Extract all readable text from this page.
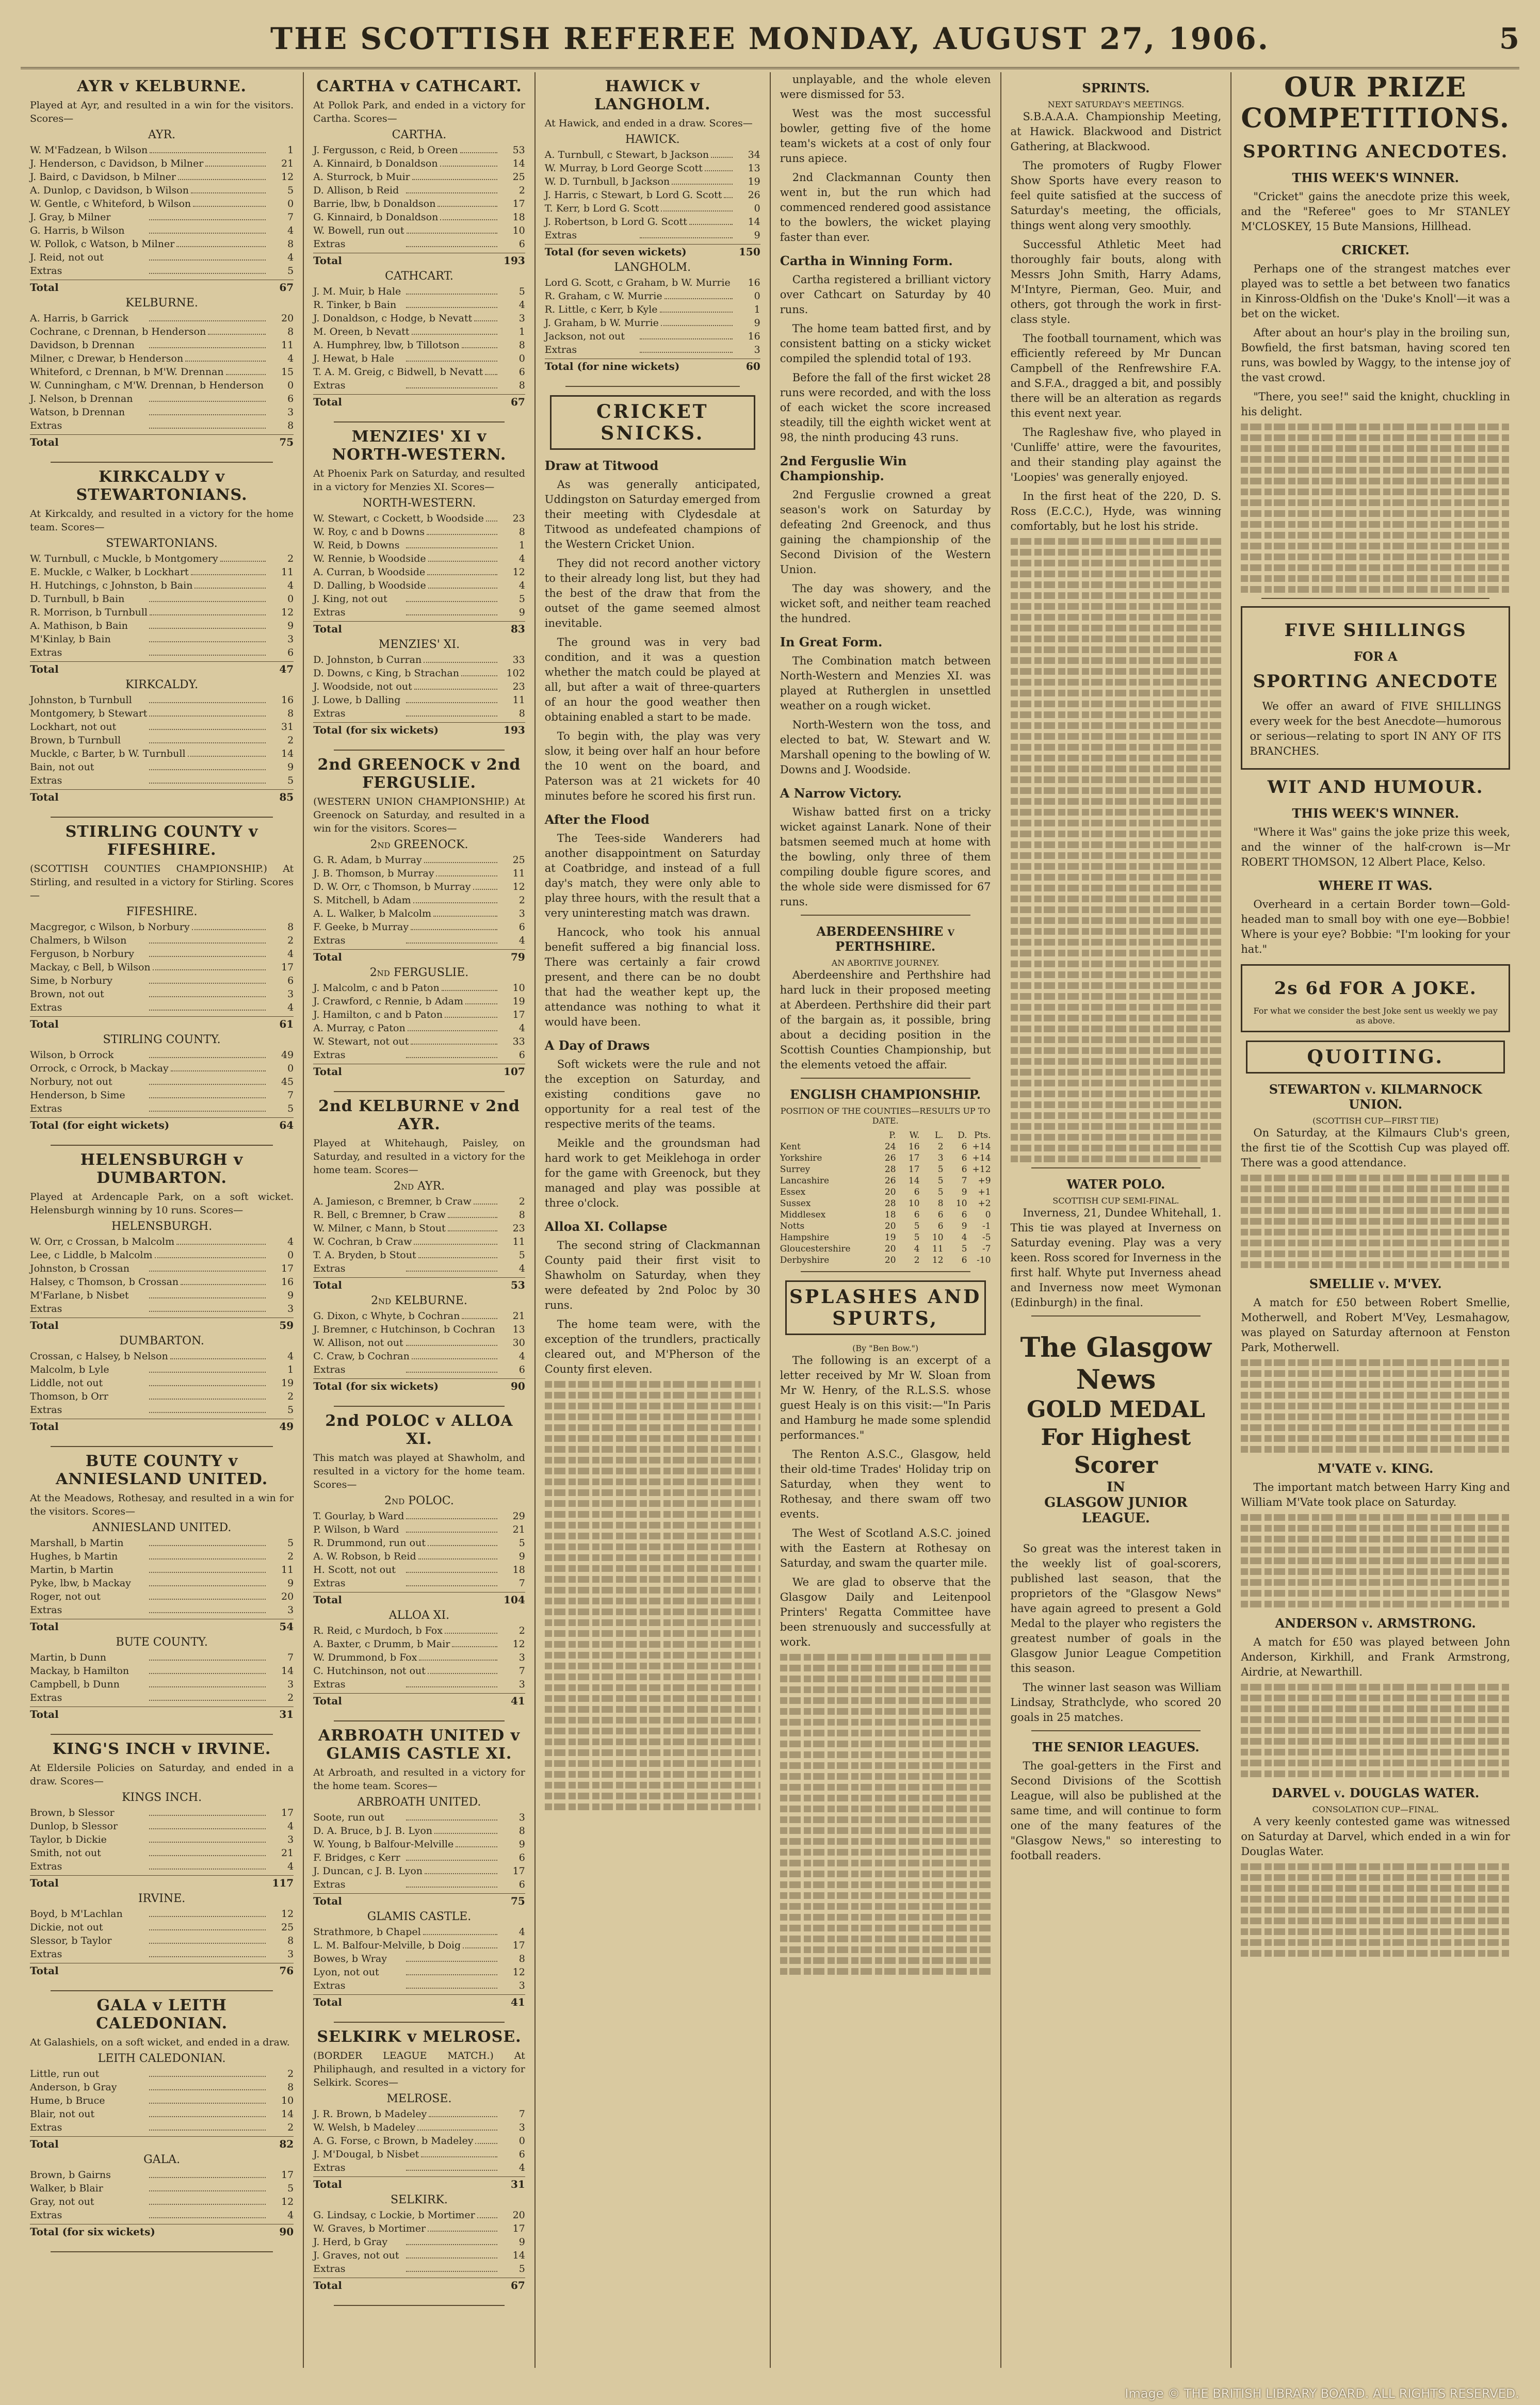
THE SCOTTISH REFEREE MONDAY, AUGUST 27, 1906.	5
AYR v KELBURNE.
Played at Ayr, and resulted in a win for the visitors. Scores—
AYR.
W. M'Fadzean, b Wilson	1
J. Henderson, c Davidson, b Milner	21
J. Baird, c Davidson, b Milner	12
A. Dunlop, c Davidson, b Wilson	5
W. Gentle, c Whiteford, b Wilson	0
J. Gray, b Milner	7
G. Harris, b Wilson	4
W. Pollok, c Watson, b Milner	8
J. Reid, not out	4
Extras	5
Total	67
KELBURNE.
A. Harris, b Garrick	20
Cochrane, c Drennan, b Henderson	8
Davidson, b Drennan	11
Milner, c Drewar, b Henderson	4
Whiteford, c Drennan, b M'W. Drennan	15
W. Cunningham, c M'W. Drennan, b Henderson	0
J. Nelson, b Drennan	6
Watson, b Drennan	3
Extras	8
Total	75
KIRKCALDY v STEWARTONIANS.
At Kirkcaldy, and resulted in a victory for the home team. Scores—
STEWARTONIANS.
W. Turnbull, c Muckle, b Montgomery	2
E. Muckle, c Walker, b Lockhart	11
H. Hutchings, c Johnston, b Bain	4
D. Turnbull, b Bain	0
R. Morrison, b Turnbull	12
A. Mathison, b Bain	9
M'Kinlay, b Bain	3
Extras	6
Total	47
KIRKCALDY.
Johnston, b Turnbull	16
Montgomery, b Stewart	8
Lockhart, not out	31
Brown, b Turnbull	2
Muckle, c Barter, b W. Turnbull	14
Bain, not out	9
Extras	5
Total	85
STIRLING COUNTY v FIFESHIRE.
(SCOTTISH COUNTIES CHAMPIONSHIP.) At Stirling, and resulted in a victory for Stirling. Scores—
FIFESHIRE.
Macgregor, c Wilson, b Norbury	8
Chalmers, b Wilson	2
Ferguson, b Norbury	4
Mackay, c Bell, b Wilson	17
Sime, b Norbury	6
Brown, not out	3
Extras	4
Total	61
STIRLING COUNTY.
Wilson, b Orrock	49
Orrock, c Orrock, b Mackay	0
Norbury, not out	45
Henderson, b Sime	7
Extras	5
Total (for eight wickets)	64
HELENSBURGH v DUMBARTON.
Played at Ardencaple Park, on a soft wicket. Helensburgh winning by 10 runs. Scores—
HELENSBURGH.
W. Orr, c Crossan, b Malcolm	4
Lee, c Liddle, b Malcolm	0
Johnston, b Crossan	17
Halsey, c Thomson, b Crossan	16
M'Farlane, b Nisbet	9
Extras	3
Total	59
DUMBARTON.
Crossan, c Halsey, b Nelson	4
Malcolm, b Lyle	1
Liddle, not out	19
Thomson, b Orr	2
Extras	5
Total	49
BUTE COUNTY v ANNIESLAND UNITED.
At the Meadows, Rothesay, and resulted in a win for the visitors. Scores—
ANNIESLAND UNITED.
Marshall, b Martin	5
Hughes, b Martin	2
Martin, b Martin	11
Pyke, lbw, b Mackay	9
Roger, not out	20
Extras	3
Total	54
BUTE COUNTY.
Martin, b Dunn	7
Mackay, b Hamilton	14
Campbell, b Dunn	3
Extras	2
Total	31
KING'S INCH v IRVINE.
At Eldersile Policies on Saturday, and ended in a draw. Scores—
KINGS INCH.
Brown, b Slessor	17
Dunlop, b Slessor	4
Taylor, b Dickie	3
Smith, not out	21
Extras	4
Total	117
IRVINE.
Boyd, b M'Lachlan	12
Dickie, not out	25
Slessor, b Taylor	8
Extras	3
Total	76
GALA v LEITH CALEDONIAN.
At Galashiels, on a soft wicket, and ended in a draw.
LEITH CALEDONIAN.
Little, run out	2
Anderson, b Gray	8
Hume, b Bruce	10
Blair, not out	14
Extras	2
Total	82
GALA.
Brown, b Gairns	17
Walker, b Blair	5
Gray, not out	12
Extras	4
Total (for six wickets)	90
CARTHA v CATHCART.
At Pollok Park, and ended in a victory for Cartha. Scores—
CARTHA.
J. Fergusson, c Reid, b Oreen	53
A. Kinnaird, b Donaldson	14
A. Sturrock, b Muir	25
D. Allison, b Reid	2
Barrie, lbw, b Donaldson	17
G. Kinnaird, b Donaldson	18
W. Bowell, run out	10
Extras	6
Total	193
CATHCART.
J. M. Muir, b Hale	5
R. Tinker, b Bain	4
J. Donaldson, c Hodge, b Nevatt	3
M. Oreen, b Nevatt	1
A. Humphrey, lbw, b Tillotson	8
J. Hewat, b Hale	0
T. A. M. Greig, c Bidwell, b Nevatt	6
Extras	8
Total	67
MENZIES' XI v NORTH-WESTERN.
At Phoenix Park on Saturday, and resulted in a victory for Menzies XI. Scores—
NORTH-WESTERN.
W. Stewart, c Cockett, b Woodside	23
W. Roy, c and b Downs	8
W. Reid, b Downs	1
W. Rennie, b Woodside	4
A. Curran, b Woodside	12
D. Dalling, b Woodside	4
J. King, not out	5
Extras	9
Total	83
MENZIES' XI.
D. Johnston, b Curran	33
D. Downs, c King, b Strachan	102
J. Woodside, not out	23
J. Lowe, b Dalling	11
Extras	8
Total (for six wickets)	193
2nd GREENOCK v 2nd FERGUSLIE.
(WESTERN UNION CHAMPIONSHIP.) At Greenock on Saturday, and resulted in a win for the visitors. Scores—
2nd GREENOCK.
G. R. Adam, b Murray	25
J. B. Thomson, b Murray	11
D. W. Orr, c Thomson, b Murray	12
S. Mitchell, b Adam	2
A. L. Walker, b Malcolm	3
F. Geeke, b Murray	6
Extras	4
Total	79
2nd FERGUSLIE.
J. Malcolm, c and b Paton	10
J. Crawford, c Rennie, b Adam	19
J. Hamilton, c and b Paton	17
A. Murray, c Paton	4
W. Stewart, not out	33
Extras	6
Total	107
2nd KELBURNE v 2nd AYR.
Played at Whitehaugh, Paisley, on Saturday, and resulted in a victory for the home team. Scores—
2nd AYR.
A. Jamieson, c Bremner, b Craw	2
R. Bell, c Bremner, b Craw	8
W. Milner, c Mann, b Stout	23
W. Cochran, b Craw	11
T. A. Bryden, b Stout	5
Extras	4
Total	53
2nd KELBURNE.
G. Dixon, c Whyte, b Cochran	21
J. Bremner, c Hutchinson, b Cochran	13
W. Allison, not out	30
C. Craw, b Cochran	4
Extras	6
Total (for six wickets)	90
2nd POLOC v ALLOA XI.
This match was played at Shawholm, and resulted in a victory for the home team. Scores—
2nd POLOC.
T. Gourlay, b Ward	29
P. Wilson, b Ward	21
R. Drummond, run out	5
A. W. Robson, b Reid	9
H. Scott, not out	18
Extras	7
Total	104
ALLOA XI.
R. Reid, c Murdoch, b Fox	2
A. Baxter, c Drumm, b Mair	12
W. Drummond, b Fox	3
C. Hutchinson, not out	7
Extras	3
Total	41
ARBROATH UNITED v GLAMIS CASTLE XI.
At Arbroath, and resulted in a victory for the home team. Scores—
ARBROATH UNITED.
Soote, run out	3
D. A. Bruce, b J. B. Lyon	8
W. Young, b Balfour-Melville	9
F. Bridges, c Kerr	6
J. Duncan, c J. B. Lyon	17
Extras	6
Total	75
GLAMIS CASTLE.
Strathmore, b Chapel	4
L. M. Balfour-Melville, b Doig	17
Bowes, b Wray	8
Lyon, not out	12
Extras	3
Total	41
SELKIRK v MELROSE.
(BORDER LEAGUE MATCH.) At Philiphaugh, and resulted in a victory for Selkirk. Scores—
MELROSE.
J. R. Brown, b Madeley	7
W. Welsh, b Madeley	3
A. G. Forse, c Brown, b Madeley	0
J. M'Dougal, b Nisbet	6
Extras	4
Total	31
SELKIRK.
G. Lindsay, c Lockie, b Mortimer	20
W. Graves, b Mortimer	17
J. Herd, b Gray	9
J. Graves, not out	14
Extras	5
Total	67
HAWICK v LANGHOLM.
At Hawick, and ended in a draw. Scores—
HAWICK.
A. Turnbull, c Stewart, b Jackson	34
W. Murray, b Lord George Scott	13
W. D. Turnbull, b Jackson	19
J. Harris, c Stewart, b Lord G. Scott	26
T. Kerr, b Lord G. Scott	0
J. Robertson, b Lord G. Scott	14
Extras	9
Total (for seven wickets)	150
LANGHOLM.
Lord G. Scott, c Graham, b W. Murrie	16
R. Graham, c W. Murrie	0
R. Little, c Kerr, b Kyle	1
J. Graham, b W. Murrie	9
Jackson, not out	16
Extras	3
Total (for nine wickets)	60
CRICKET SNICKS.
Draw at Titwood

As was generally anticipated, Uddingston on Saturday emerged from their meeting with Clydesdale at Titwood as undefeated champions of the Western Cricket Union.

They did not record another victory to their already long list, but they had the best of the draw that from the outset of the game seemed almost inevitable.

The ground was in very bad condition, and it was a question whether the match could be played at all, but after a wait of three-quarters of an hour the good weather then obtaining enabled a start to be made.

To begin with, the play was very slow, it being over half an hour before the 10 went on the board, and Paterson was at 21 wickets for 40 minutes before he scored his first run.

After the Flood

The Tees-side Wanderers had another disappointment on Saturday at Coatbridge, and instead of a full day's match, they were only able to play three hours, with the result that a very uninteresting match was drawn.

Hancock, who took his annual benefit suffered a big financial loss. There was certainly a fair crowd present, and there can be no doubt that had the weather kept up, the attendance was nothing to what it would have been.

A Day of Draws

Soft wickets were the rule and not the exception on Saturday, and existing conditions gave no opportunity for a real test of the respective merits of the teams.

Meikle and the groundsman had hard work to get Meiklehoga in order for the game with Greenock, but they managed and play was possible at three o'clock.

Alloa XI. Collapse

The second string of Clackmannan County paid their first visit to Shawholm on Saturday, when they were defeated by 2nd Poloc by 30 runs.

The home team were, with the exception of the trundlers, practically cleared out, and M'Pherson of the County first eleven.

unplayable, and the whole eleven were dismissed for 53.

West was the most successful bowler, getting five of the home team's wickets at a cost of only four runs apiece.

2nd Clackmannan County then went in, but the run which had commenced rendered good assistance to the bowlers, the wicket playing faster than ever.

Cartha in Winning Form.

Cartha registered a brilliant victory over Cathcart on Saturday by 40 runs.

The home team batted first, and by consistent batting on a sticky wicket compiled the splendid total of 193.

Before the fall of the first wicket 28 runs were recorded, and with the loss of each wicket the score increased steadily, till the eighth wicket went at 98, the ninth producing 43 runs.

2nd Ferguslie Win Championship.

2nd Ferguslie crowned a great season's work on Saturday by defeating 2nd Greenock, and thus gaining the championship of the Second Division of the Western Union.

The day was showery, and the wicket soft, and neither team reached the hundred.

In Great Form.

The Combination match between North-Western and Menzies XI. was played at Rutherglen in unsettled weather on a rough wicket.

North-Western won the toss, and elected to bat, W. Stewart and W. Marshall opening to the bowling of W. Downs and J. Woodside.

A Narrow Victory.

Wishaw batted first on a tricky wicket against Lanark. None of their batsmen seemed much at home with the bowling, only three of them compiling double figure scores, and the whole side were dismissed for 67 runs.

ABERDEENSHIRE v PERTHSHIRE.
AN ABORTIVE JOURNEY.

Aberdeenshire and Perthshire had hard luck in their proposed meeting at Aberdeen. Perthshire did their part of the bargain as, it possible, bring about a deciding position in the Scottish Counties Championship, but the elements vetoed the affair.

ENGLISH CHAMPIONSHIP.
POSITION OF THE COUNTIES—RESULTS UP TO DATE.
P.	W.	L.	D. Pts.
Kent	24	16	2	6 +14
Yorkshire	26	17	3	6 +14
Surrey	28	17	5	6 +12
Lancashire	26	14	5	7	+9
Essex	20	6	5	9	+1
Sussex	28	10	8	10	+2
Middlesex	18	6	6	6	0
Notts	20	5	6	9	-1
Hampshire	19	5	10	4	-5
Gloucestershire	20	4	11	5	-7
Derbyshire	20	2	12	6	-10
SPLASHES AND SPURTS,
(By "Ben Bow.")

The following is an excerpt of a letter received by Mr W. Sloan from Mr W. Henry, of the R.L.S.S. whose guest Healy is on this visit:—"In Paris and Hamburg he made some splendid performances."

The Renton A.S.C., Glasgow, held their old-time Trades' Holiday trip on Saturday, when they went to Rothesay, and there swam off two events.

The West of Scotland A.S.C. joined with the Eastern at Rothesay on Saturday, and swam the quarter mile.

We are glad to observe that the Glasgow Daily and Leitenpool Printers' Regatta Committee have been strenuously and successfully at work.

SPRINTS.
NEXT SATURDAY'S MEETINGS.

S.B.A.A.A. Championship Meeting, at Hawick. Blackwood and District Gathering, at Blackwood.

The promoters of Rugby Flower Show Sports have every reason to feel quite satisfied at the success of Saturday's meeting, the officials, things went along very smoothly.

Successful Athletic Meet had thoroughly fair bouts, along with Messrs John Smith, Harry Adams, M'Intyre, Pierman, Geo. Muir, and others, got through the work in first-class style.

The football tournament, which was efficiently refereed by Mr Duncan Campbell of the Renfrewshire F.A. and S.F.A., dragged a bit, and possibly there will be an alteration as regards this event next year.

The Ragleshaw five, who played in 'Cunliffe' attire, were the favourites, and their standing play against the 'Loopies' was generally enjoyed.

In the first heat of the 220, D. S. Ross (E.C.C.), Hyde, was winning comfortably, but he lost his stride.

WATER POLO.
SCOTTISH CUP SEMI-FINAL.

Inverness, 21, Dundee Whitehall, 1. This tie was played at Inverness on Saturday evening. Play was a very keen. Ross scored for Inverness in the first half. Whyte put Inverness ahead and Inverness now meet Wymonan (Edinburgh) in the final.

The Glasgow News
GOLD MEDAL
For Highest Scorer
IN
GLASGOW JUNIOR LEAGUE.

So great was the interest taken in the weekly list of goal-scorers, published last season, that the proprietors of the "Glasgow News" have again agreed to present a Gold Medal to the player who registers the greatest number of goals in the Glasgow Junior League Competition this season.

The winner last season was William Lindsay, Strathclyde, who scored 20 goals in 25 matches.

THE SENIOR LEAGUES.

The goal-getters in the First and Second Divisions of the Scottish League, will also be published at the same time, and will continue to form one of the many features of the "Glasgow News," so interesting to football readers.

OUR PRIZE COMPETITIONS.
SPORTING ANECDOTES.
THIS WEEK'S WINNER.

"Cricket" gains the anecdote prize this week, and the "Referee" goes to Mr STANLEY M'CLOSKEY, 15 Bute Mansions, Hillhead.

CRICKET.

Perhaps one of the strangest matches ever played was to settle a bet between two fanatics in Kinross-Oldfish on the 'Duke's Knoll'—it was a bet on the wicket.

After about an hour's play in the broiling sun, Bowfield, the first batsman, having scored ten runs, was bowled by Waggy, to the intense joy of the vast crowd.

"There, you see!" said the knight, chuckling in his delight.

FIVE SHILLINGS
FOR A
SPORTING ANECDOTE

We offer an award of FIVE SHILLINGS every week for the best Anecdote—humorous or serious—relating to sport IN ANY OF ITS BRANCHES.

WIT AND HUMOUR.
THIS WEEK'S WINNER.

"Where it Was" gains the joke prize this week, and the winner of the half-crown is—Mr ROBERT THOMSON, 12 Albert Place, Kelso.

WHERE IT WAS.

Overheard in a certain Border town—Gold-headed man to small boy with one eye—Bobbie! Where is your eye? Bobbie: "I'm looking for your hat."

2s 6d FOR A JOKE.
For what we consider the best Joke sent us weekly we pay as above.
QUOITING.
STEWARTON v. KILMARNOCK UNION.
(SCOTTISH CUP—FIRST TIE)

On Saturday, at the Kilmaurs Club's green, the first tie of the Scottish Cup was played off. There was a good attendance.

SMELLIE v. M'VEY.

A match for £50 between Robert Smellie, Motherwell, and Robert M'Vey, Lesmahagow, was played on Saturday afternoon at Fenston Park, Motherwell.

M'VATE v. KING.

The important match between Harry King and William M'Vate took place on Saturday.

ANDERSON v. ARMSTRONG.

A match for £50 was played between John Anderson, Kirkhill, and Frank Armstrong, Airdrie, at Newarthill.

DARVEL v. DOUGLAS WATER.
CONSOLATION CUP—FINAL.

A very keenly contested game was witnessed on Saturday at Darvel, which ended in a win for Douglas Water.

Image © THE BRITISH LIBRARY BOARD. ALL RIGHTS RESERVED.
